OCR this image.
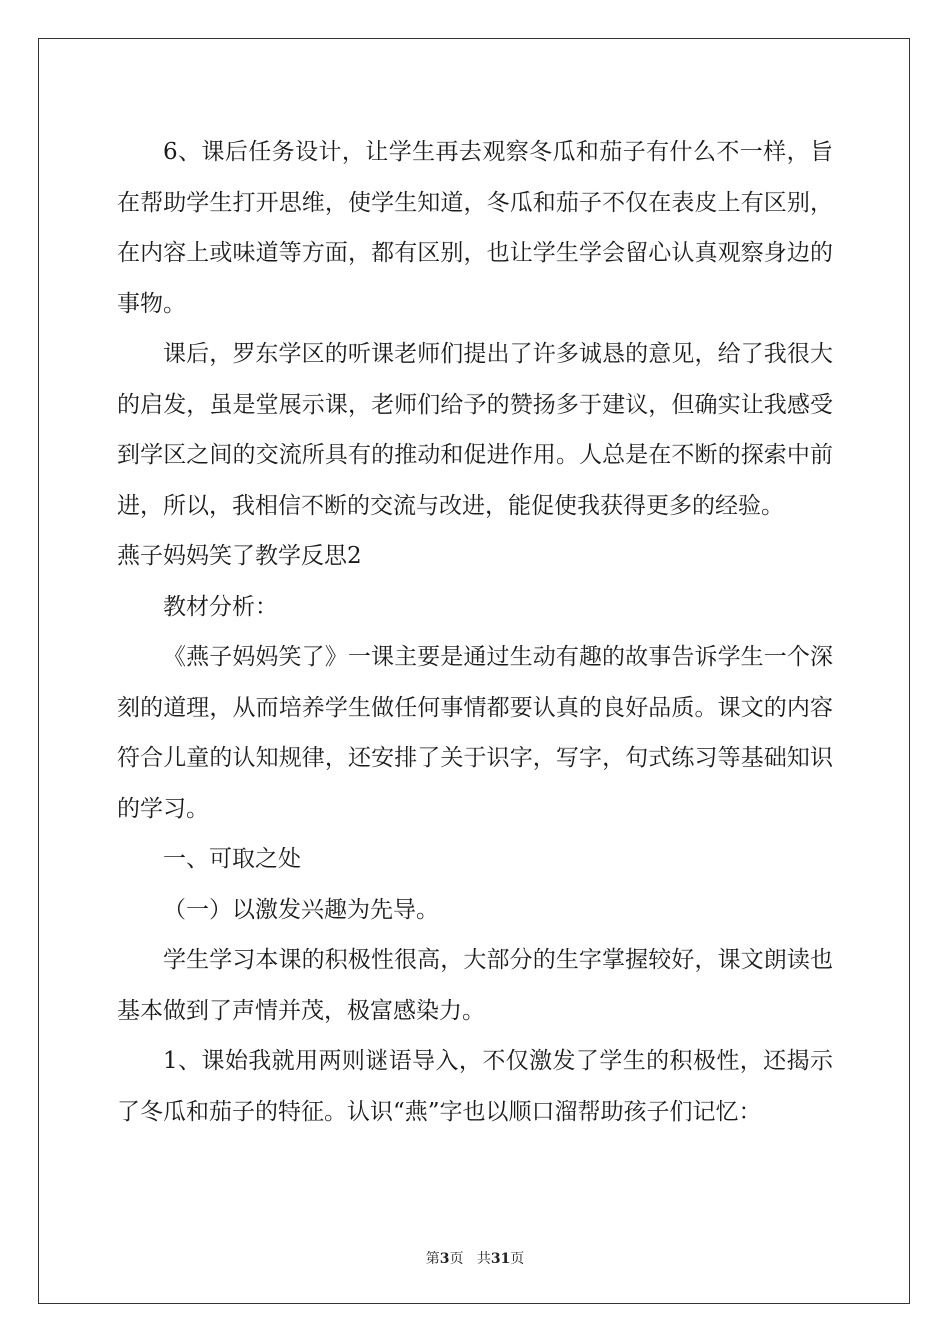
6、课后任务设计，让学生再去观察冬瓜和茄子有什么不一样，旨在帮助学生打开思维，使学生知道，冬瓜和茄子不仅在表皮上有区别，在内容上或味道等方面，都有区别，也让学生学会留心认真观察身边的事物。

课后，罗东学区的听课老师们提出了许多诚恳的意见，给了我很大的启发，虽是堂展示课，老师们给予的赞扬多于建议，但确实让我感受到学区之间的交流所具有的推动和促进作用。人总是在不断的探索中前进，所以，我相信不断的交流与改进，能促使我获得更多的经验。

燕子妈妈笑了教学反思2

教材分析：

《燕子妈妈笑了》一课主要是通过生动有趣的故事告诉学生一个深刻的道理，从而培养学生做任何事情都要认真的良好品质。课文的内容符合儿童的认知规律，还安排了关于识字，写字，句式练习等基础知识的学习。

一、可取之处

（一）以激发兴趣为先导。

学生学习本课的积极性很高，大部分的生字掌握较好，课文朗读也基本做到了声情并茂，极富感染力。

1、课始我就用两则谜语导入，不仅激发了学生的积极性，还揭示了冬瓜和茄子的特征。认识“燕”字也以顺口溜帮助孩子们记忆：

第3页 共31页
